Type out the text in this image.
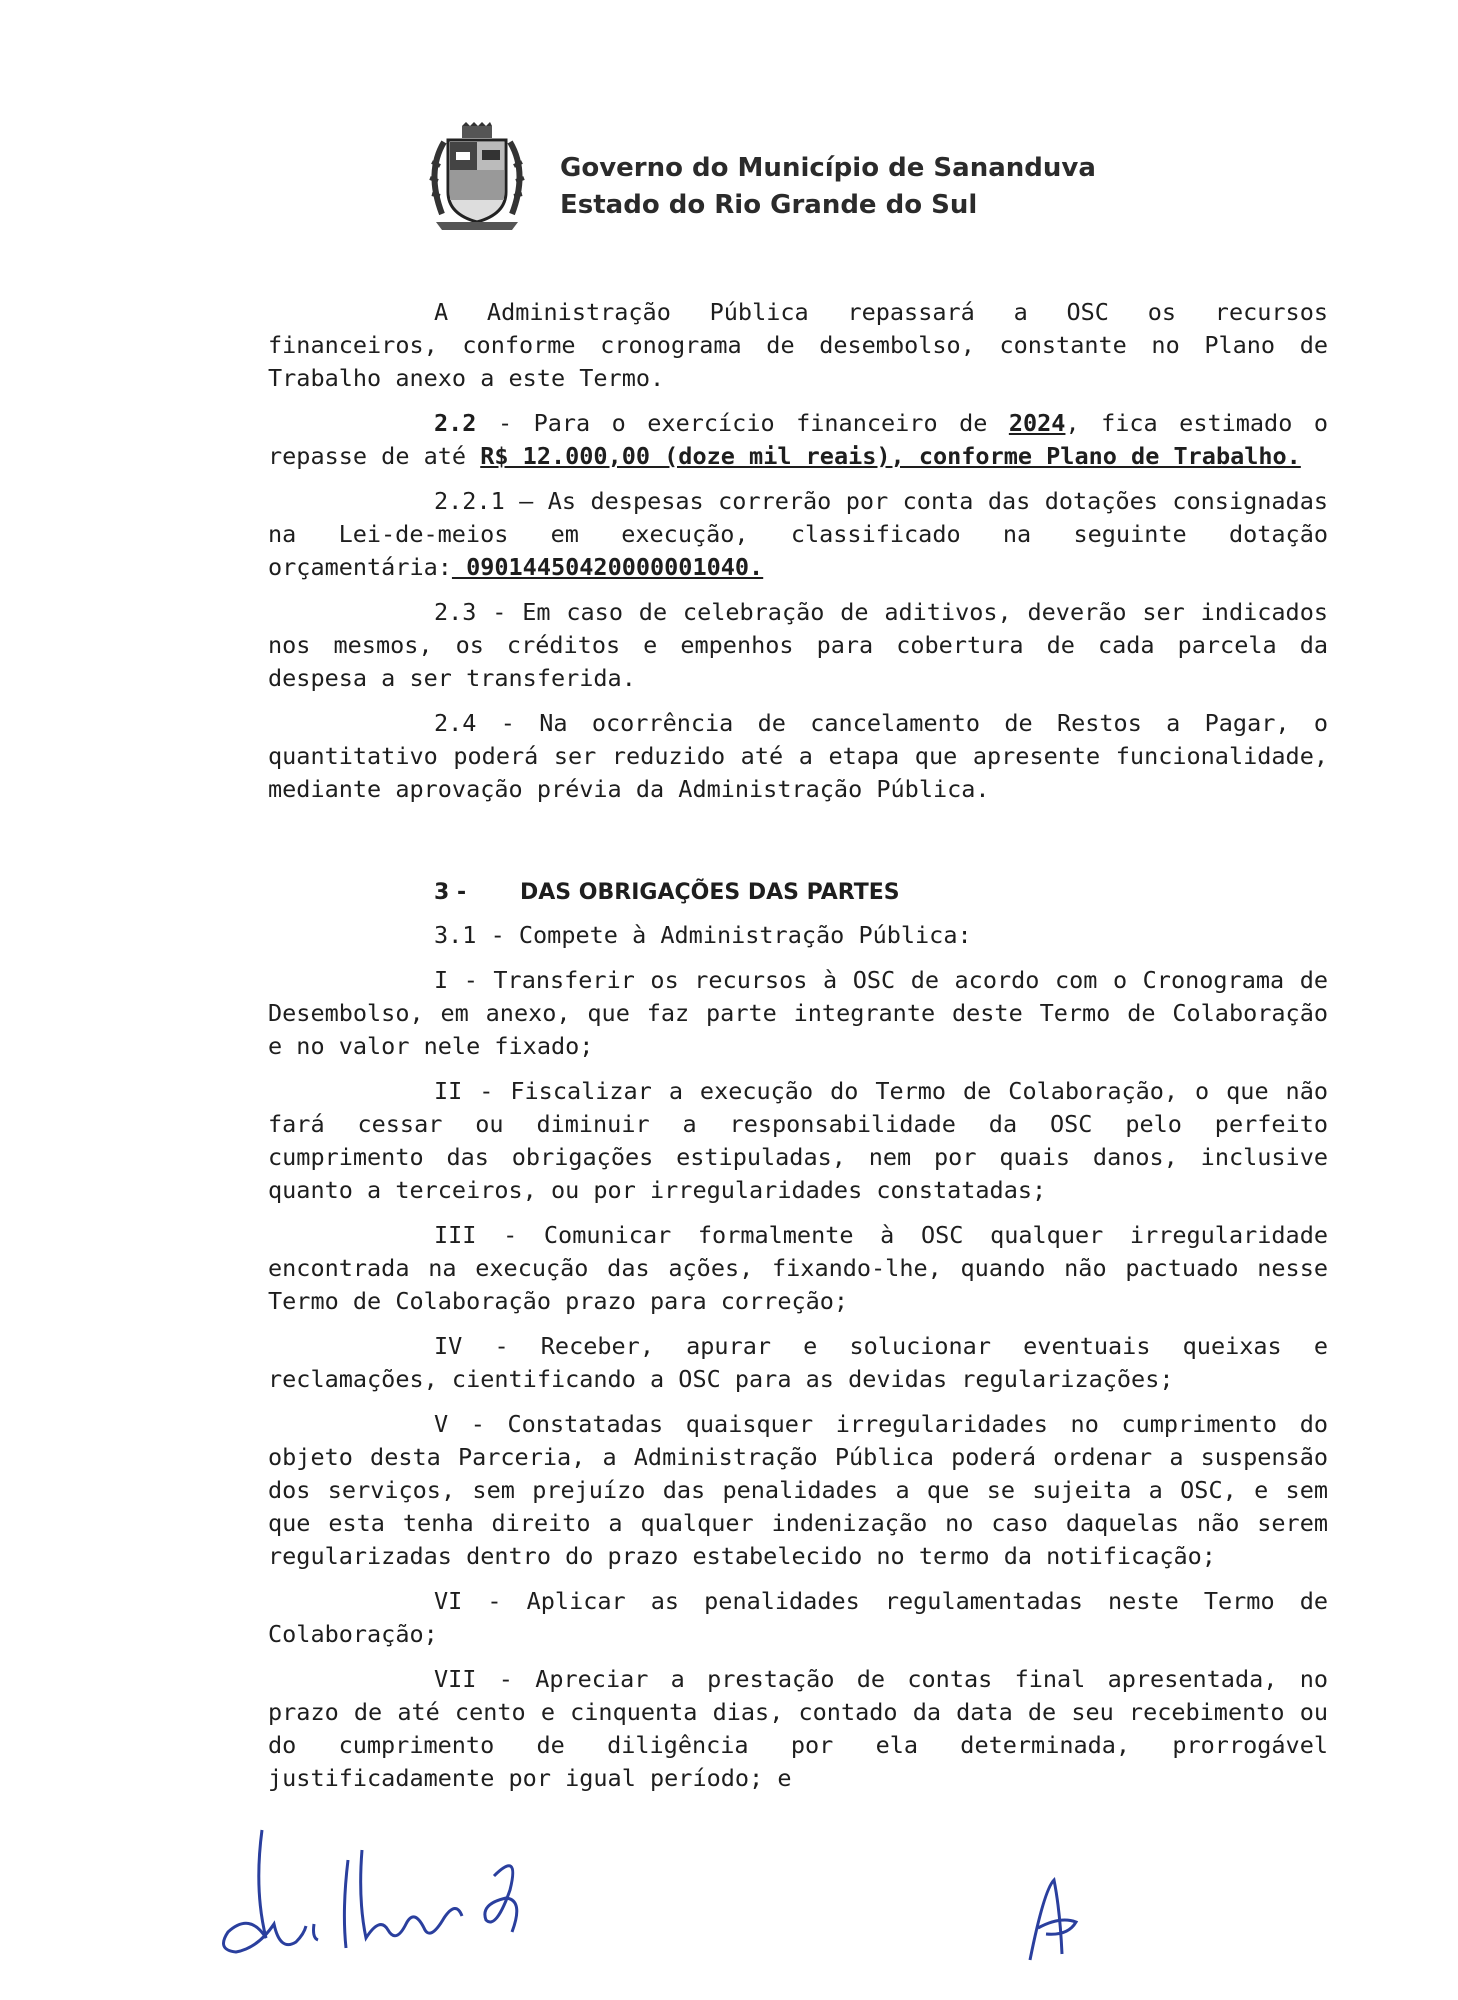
Governo do Município de Sananduva
Estado do Rio Grande do Sul

A Administração Pública repassará a OSC os recursos financeiros, conforme cronograma de desembolso, constante no Plano de Trabalho anexo a este Termo.

2.2 - Para o exercício financeiro de 2024, fica estimado o repasse de até R$ 12.000,00 (doze mil reais), conforme Plano de Trabalho.

2.2.1 – As despesas correrão por conta das dotações consignadas na Lei-de-meios em execução, classificado na seguinte dotação orçamentária: 09014450420000001040.

2.3 - Em caso de celebração de aditivos, deverão ser indicados nos mesmos, os créditos e empenhos para cobertura de cada parcela da despesa a ser transferida.

2.4 - Na ocorrência de cancelamento de Restos a Pagar, o quantitativo poderá ser reduzido até a etapa que apresente funcionalidade, mediante aprovação prévia da Administração Pública.

3 - DAS OBRIGAÇÕES DAS PARTES

3.1 - Compete à Administração Pública:

I - Transferir os recursos à OSC de acordo com o Cronograma de Desembolso, em anexo, que faz parte integrante deste Termo de Colaboração e no valor nele fixado;

II - Fiscalizar a execução do Termo de Colaboração, o que não fará cessar ou diminuir a responsabilidade da OSC pelo perfeito cumprimento das obrigações estipuladas, nem por quais danos, inclusive quanto a terceiros, ou por irregularidades constatadas;

III - Comunicar formalmente à OSC qualquer irregularidade encontrada na execução das ações, fixando-lhe, quando não pactuado nesse Termo de Colaboração prazo para correção;

IV - Receber, apurar e solucionar eventuais queixas e reclamações, cientificando a OSC para as devidas regularizações;

V - Constatadas quaisquer irregularidades no cumprimento do objeto desta Parceria, a Administração Pública poderá ordenar a suspensão dos serviços, sem prejuízo das penalidades a que se sujeita a OSC, e sem que esta tenha direito a qualquer indenização no caso daquelas não serem regularizadas dentro do prazo estabelecido no termo da notificação;

VI - Aplicar as penalidades regulamentadas neste Termo de Colaboração;

VII - Apreciar a prestação de contas final apresentada, no prazo de até cento e cinquenta dias, contado da data de seu recebimento ou do cumprimento de diligência por ela determinada, prorrogável justificadamente por igual período; e
